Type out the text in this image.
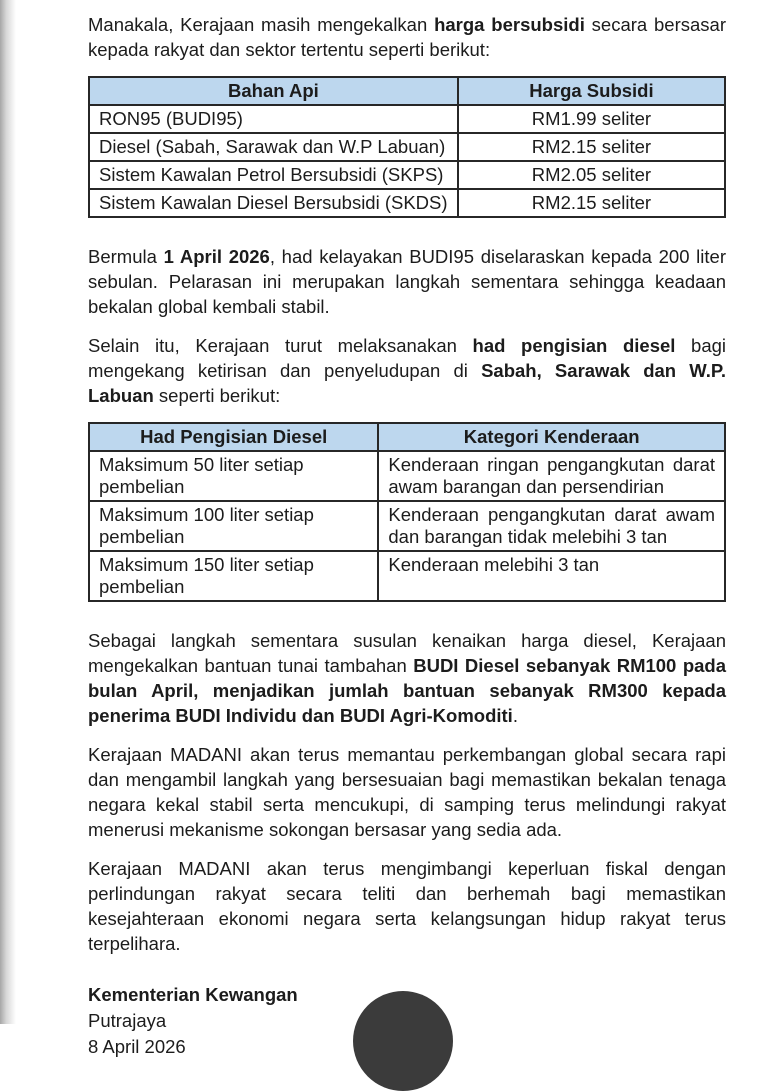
Manakala, Kerajaan masih mengekalkan harga bersubsidi secara bersasar kepada rakyat dan sektor tertentu seperti berikut:

Bahan Api	Harga Subsidi
RON95 (BUDI95)	RM1.99 seliter
Diesel (Sabah, Sarawak dan W.P Labuan)	RM2.15 seliter
Sistem Kawalan Petrol Bersubsidi (SKPS)	RM2.05 seliter
Sistem Kawalan Diesel Bersubsidi (SKDS)	RM2.15 seliter

Bermula 1 April 2026, had kelayakan BUDI95 diselaraskan kepada 200 liter sebulan. Pelarasan ini merupakan langkah sementara sehingga keadaan bekalan global kembali stabil.

Selain itu, Kerajaan turut melaksanakan had pengisian diesel bagi mengekang ketirisan dan penyeludupan di Sabah, Sarawak dan W.P. Labuan seperti berikut:

Had Pengisian Diesel	Kategori Kenderaan
Maksimum 50 liter setiap pembelian	Kenderaan ringan pengangkutan darat awam barangan dan persendirian
Maksimum 100 liter setiap pembelian	Kenderaan pengangkutan darat awam dan barangan tidak melebihi 3 tan
Maksimum 150 liter setiap pembelian	Kenderaan melebihi 3 tan

Sebagai langkah sementara susulan kenaikan harga diesel, Kerajaan mengekalkan bantuan tunai tambahan BUDI Diesel sebanyak RM100 pada bulan April, menjadikan jumlah bantuan sebanyak RM300 kepada penerima BUDI Individu dan BUDI Agri-Komoditi.

Kerajaan MADANI akan terus memantau perkembangan global secara rapi dan mengambil langkah yang bersesuaian bagi memastikan bekalan tenaga negara kekal stabil serta mencukupi, di samping terus melindungi rakyat menerusi mekanisme sokongan bersasar yang sedia ada.

Kerajaan MADANI akan terus mengimbangi keperluan fiskal dengan perlindungan rakyat secara teliti dan berhemah bagi memastikan kesejahteraan ekonomi negara serta kelangsungan hidup rakyat terus terpelihara.

Kementerian Kewangan
Putrajaya
8 April 2026
